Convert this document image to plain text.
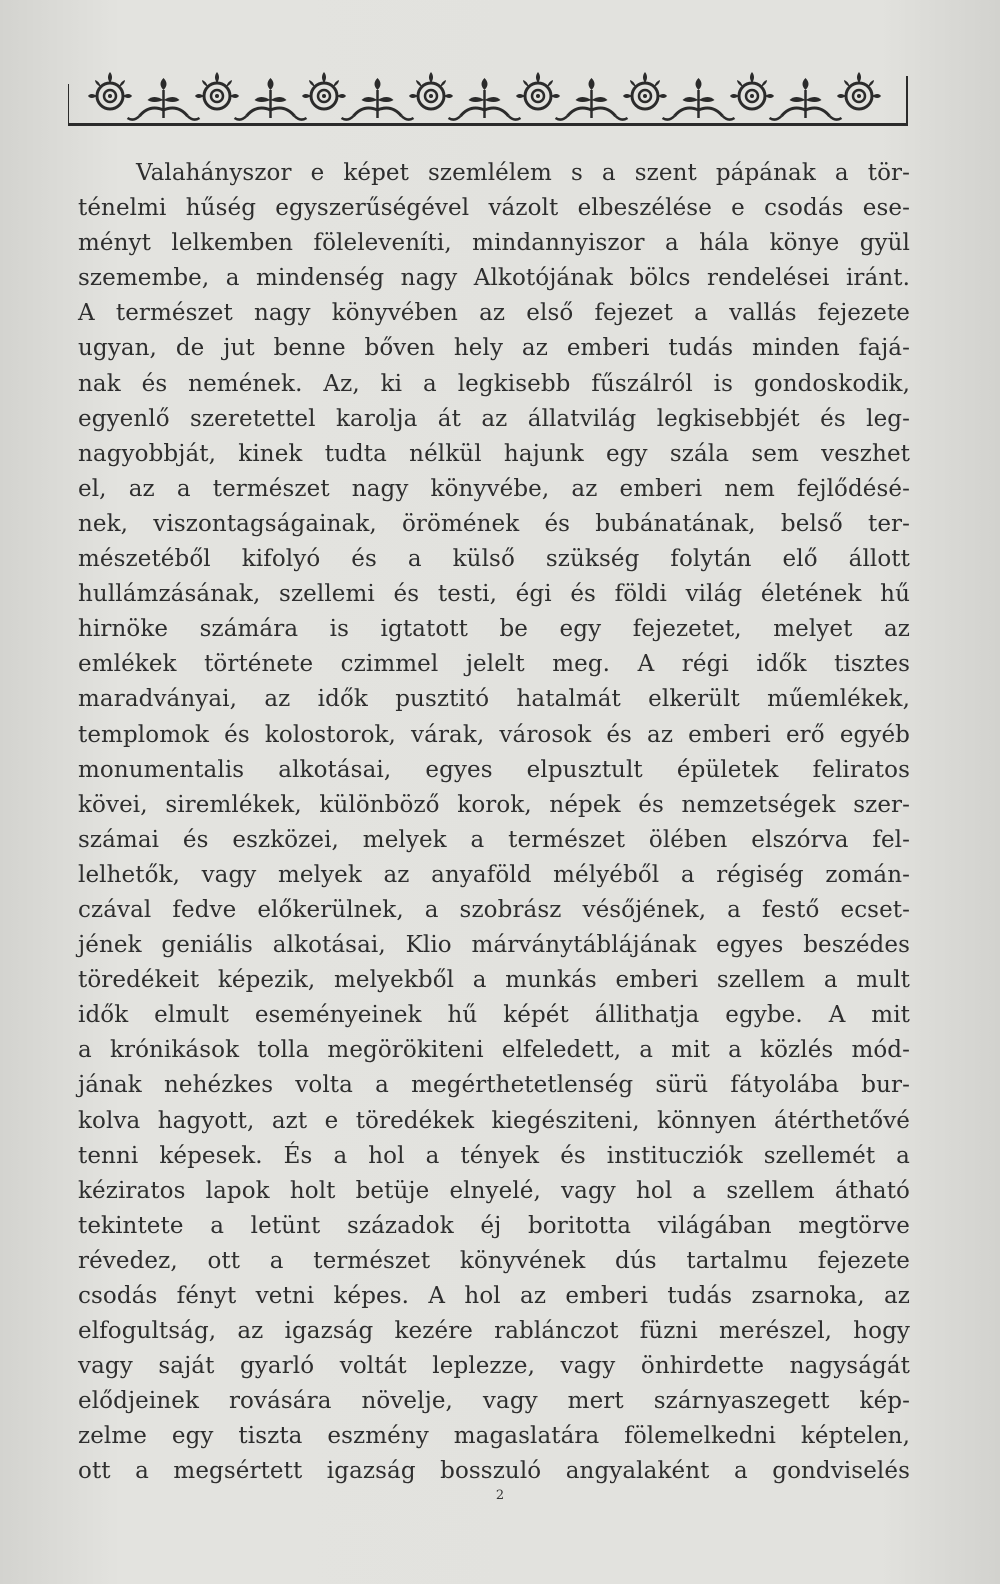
Valahányszor e képet szemlélem s a szent pápának a tör-
ténelmi hűség egyszerűségével vázolt elbeszélése e csodás ese-
ményt lelkemben föleleveníti, mindannyiszor a hála könye gyül
szemembe, a mindenség nagy Alkotójának bölcs rendelései iránt.
A természet nagy könyvében az első fejezet a vallás fejezete
ugyan, de jut benne bőven hely az emberi tudás minden fajá-
nak és nemének. Az, ki a legkisebb fűszálról is gondoskodik,
egyenlő szeretettel karolja át az állatvilág legkisebbjét és leg-
nagyobbját, kinek tudta nélkül hajunk egy szála sem veszhet
el, az a természet nagy könyvébe, az emberi nem fejlődésé-
nek, viszontagságainak, örömének és bubánatának, belső ter-
mészetéből kifolyó és a külső szükség folytán elő állott
hullámzásának, szellemi és testi, égi és földi világ életének hű
hirnöke számára is igtatott be egy fejezetet, melyet az
emlékek története czimmel jelelt meg. A régi idők tisztes
maradványai, az idők pusztitó hatalmát elkerült műemlékek,
templomok és kolostorok, várak, városok és az emberi erő egyéb
monumentalis alkotásai, egyes elpusztult épületek feliratos
kövei, siremlékek, különböző korok, népek és nemzetségek szer-
számai és eszközei, melyek a természet ölében elszórva fel-
lelhetők, vagy melyek az anyaföld mélyéből a régiség zomán-
czával fedve előkerülnek, a szobrász vésőjének, a festő ecset-
jének geniális alkotásai, Klio márványtáblájának egyes beszédes
töredékeit képezik, melyekből a munkás emberi szellem a mult
idők elmult eseményeinek hű képét állithatja egybe. A mit
a krónikások tolla megörökiteni elfeledett, a mit a közlés mód-
jának nehézkes volta a megérthetetlenség sürü fátyolába bur-
kolva hagyott, azt e töredékek kiegésziteni, könnyen átérthetővé
tenni képesek. És a hol a tények és institucziók szellemét a
kéziratos lapok holt betüje elnyelé, vagy hol a szellem átható
tekintete a letünt századok éj boritotta világában megtörve
révedez, ott a természet könyvének dús tartalmu fejezete
csodás fényt vetni képes. A hol az emberi tudás zsarnoka, az
elfogultság, az igazság kezére rablánczot füzni merészel, hogy
vagy saját gyarló voltát leplezze, vagy önhirdette nagyságát
elődjeinek rovására növelje, vagy mert szárnyaszegett kép-
zelme egy tiszta eszmény magaslatára fölemelkedni képtelen,
ott a megsértett igazság bosszuló angyalaként a gondviselés
2
